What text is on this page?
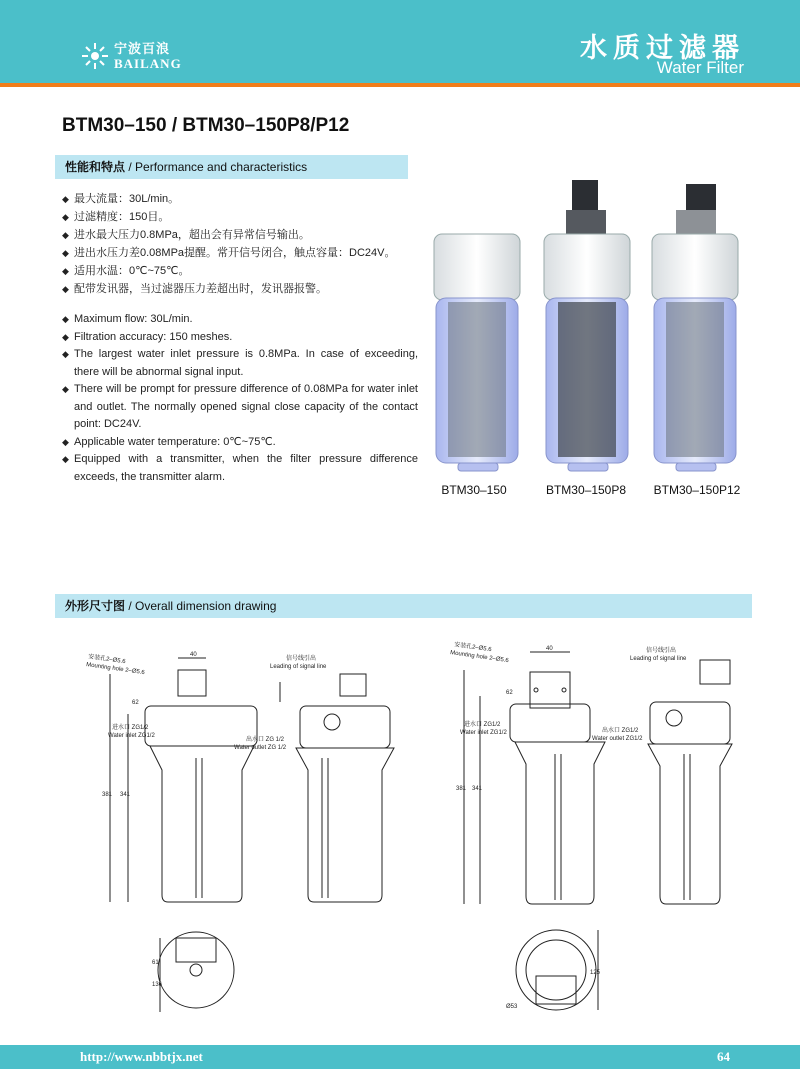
宁波百浪
BAILANG
水质过滤器
Water Filter
BTM30–150 / BTM30–150P8/P12
性能和特点 / Performance and characteristics
◆ 最大流量：30L/min。
◆ 过滤精度：150目。
◆ 进水最大压力0.8MPa，超出会有异常信号输出。
◆ 进出水压力差0.08MPa提醒。常开信号闭合，触点容量：DC24V。
◆ 适用水温：0℃~75℃。
◆ 配带发讯器，当过滤器压力差超出时，发讯器报警。
◆ Maximum flow: 30L/min.
◆ Filtration accuracy: 150 meshes.
◆ The largest water inlet pressure is 0.8MPa. In case of exceeding, there will be abnormal signal input.
◆ There will be prompt for pressure difference of 0.08MPa for water inlet and outlet. The normally opened signal close capacity of the contact point: DC24V.
◆ Applicable water temperature: 0℃~75℃.
◆ Equipped with a transmitter, when the filter pressure difference exceeds, the transmitter alarm.
BTM30–150	BTM30–150P8	BTM30–150P12
外形尺寸图 / Overall dimension drawing
安装孔2–Ø5.6
Mounting hole 2–Ø5.6
40
62
381 341
进水口 ZG1/2
Water inlet ZG1/2
出水口 ZG 1/2
Water outlet ZG 1/2
信号线引出
Leading of signal line
61
136
安装孔2–Ø5.6
Mounting hole 2–Ø5.6
40
62
381 341
进水口 ZG1/2
Water inlet ZG1/2	出水口 ZG1/2
Water outlet ZG1/2
信号线引出
Leading of signal line
125
Ø53
http://www.nbbtjx.net	64
